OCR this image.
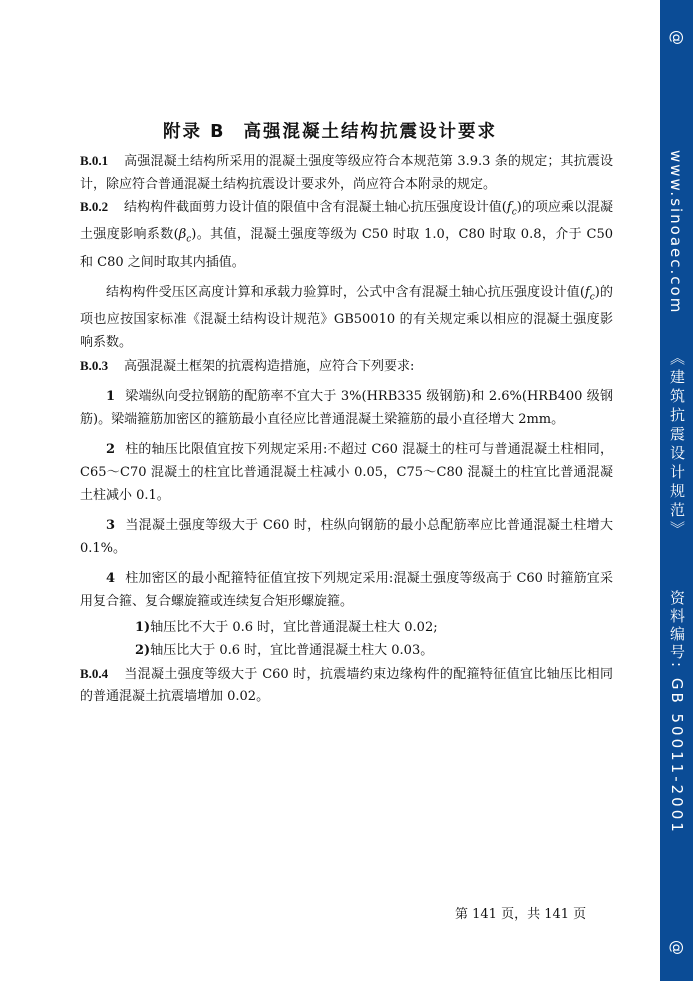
附录 B 高强混凝土结构抗震设计要求

B.0.1 高强混凝土结构所采用的混凝土强度等级应符合本规范第 3.9.3 条的规定；其抗震设计，除应符合普通混凝土结构抗震设计要求外，尚应符合本附录的规定。

B.0.2 结构构件截面剪力设计值的限值中含有混凝土轴心抗压强度设计值$(f_c)$的项应乘以混凝土强度影响系数$(\beta_c)$。其值，混凝土强度等级为 C50 时取 1.0，C80 时取 0.8，介于 C50 和 C80 之间时取其内插值。

结构构件受压区高度计算和承载力验算时，公式中含有混凝土轴心抗压强度设计值$(f_c)$的项也应按国家标准《混凝土结构设计规范》GB50010 的有关规定乘以相应的混凝土强度影响系数。

B.0.3 高强混凝土框架的抗震构造措施，应符合下列要求:

1 梁端纵向受拉钢筋的配筋率不宜大于 3%(HRB335 级钢筋)和 2.6%(HRB400 级钢筋)。梁端箍筋加密区的箍筋最小直径应比普通混凝土梁箍筋的最小直径增大 2mm。

2 柱的轴压比限值宜按下列规定采用:不超过 C60 混凝土的柱可与普通混凝土柱相同，C65～C70 混凝土的柱宜比普通混凝土柱减小 0.05，C75～C80 混凝土的柱宜比普通混凝土柱减小 0.1。

3 当混凝土强度等级大于 C60 时，柱纵向钢筋的最小总配筋率应比普通混凝土柱增大 0.1%。

4 柱加密区的最小配箍特征值宜按下列规定采用:混凝土强度等级高于 C60 时箍筋宜采用复合箍、复合螺旋箍或连续复合矩形螺旋箍。

1)轴压比不大于 0.6 时，宜比普通混凝土柱大 0.02;

2)轴压比大于 0.6 时，宜比普通混凝土柱大 0.03。

B.0.4 当混凝土强度等级大于 C60 时，抗震墙约束边缘构件的配箍特征值宜比轴压比相同的普通混凝土抗震墙增加 0.02。

第 141 页，共 141 页
@
www.sinoaec.com
《建筑抗震设计规范》
资料编号: GB 50011-2001
@
